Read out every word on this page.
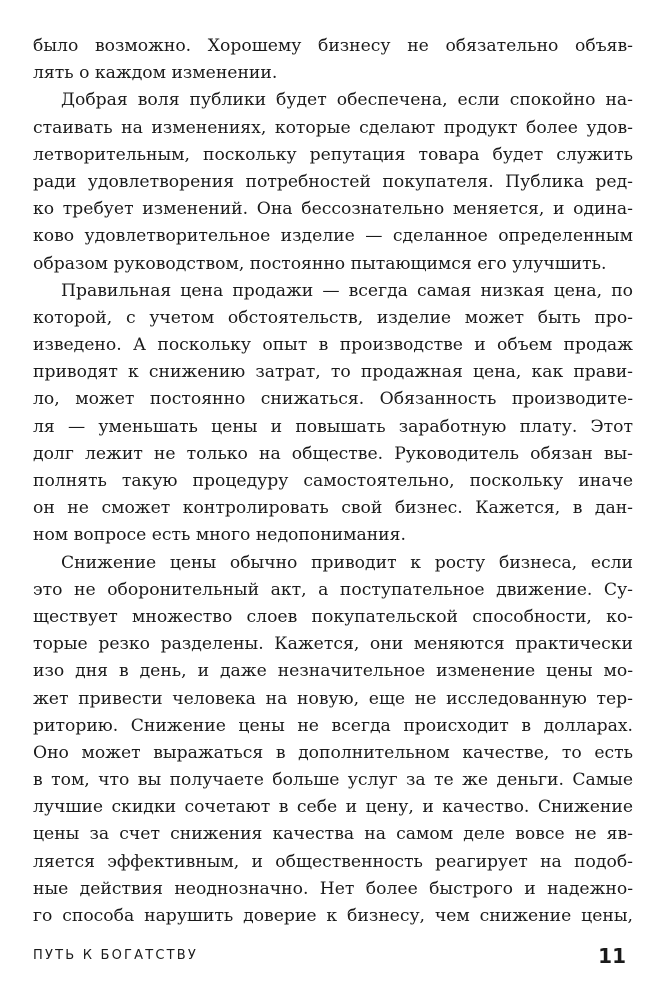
было возможно. Хорошему бизнесу не обязательно объяв-
лять о каждом изменении.
Добрая воля публики будет обеспечена, если спокойно на-
стаивать на изменениях, которые сделают продукт более удов-
летворительным, поскольку репутация товара будет служить
ради удовлетворения потребностей покупателя. Публика ред-
ко требует изменений. Она бессознательно меняется, и одина-
ково удовлетворительное изделие — сделанное определенным
образом руководством, постоянно пытающимся его улучшить.
Правильная цена продажи — всегда самая низкая цена, по
которой, с учетом обстоятельств, изделие может быть про-
изведено. А поскольку опыт в производстве и объем продаж
приводят к снижению затрат, то продажная цена, как прави-
ло, может постоянно снижаться. Обязанность производите-
ля — уменьшать цены и повышать заработную плату. Этот
долг лежит не только на обществе. Руководитель обязан вы-
полнять такую процедуру самостоятельно, поскольку иначе
он не сможет контролировать свой бизнес. Кажется, в дан-
ном вопросе есть много недопонимания.
Снижение цены обычно приводит к росту бизнеса, если
это не оборонительный акт, а поступательное движение. Су-
ществует множество слоев покупательской способности, ко-
торые резко разделены. Кажется, они меняются практически
изо дня в день, и даже незначительное изменение цены мо-
жет привести человека на новую, еще не исследованную тер-
риторию. Снижение цены не всегда происходит в долларах.
Оно может выражаться в дополнительном качестве, то есть
в том, что вы получаете больше услуг за те же деньги. Самые
лучшие скидки сочетают в себе и цену, и качество. Снижение
цены за счет снижения качества на самом деле вовсе не яв-
ляется эффективным, и общественность реагирует на подоб-
ные действия неоднозначно. Нет более быстрого и надежно-
го способа нарушить доверие к бизнесу, чем снижение цены,
ПУТЬ К БОГАТСТВУ	11
